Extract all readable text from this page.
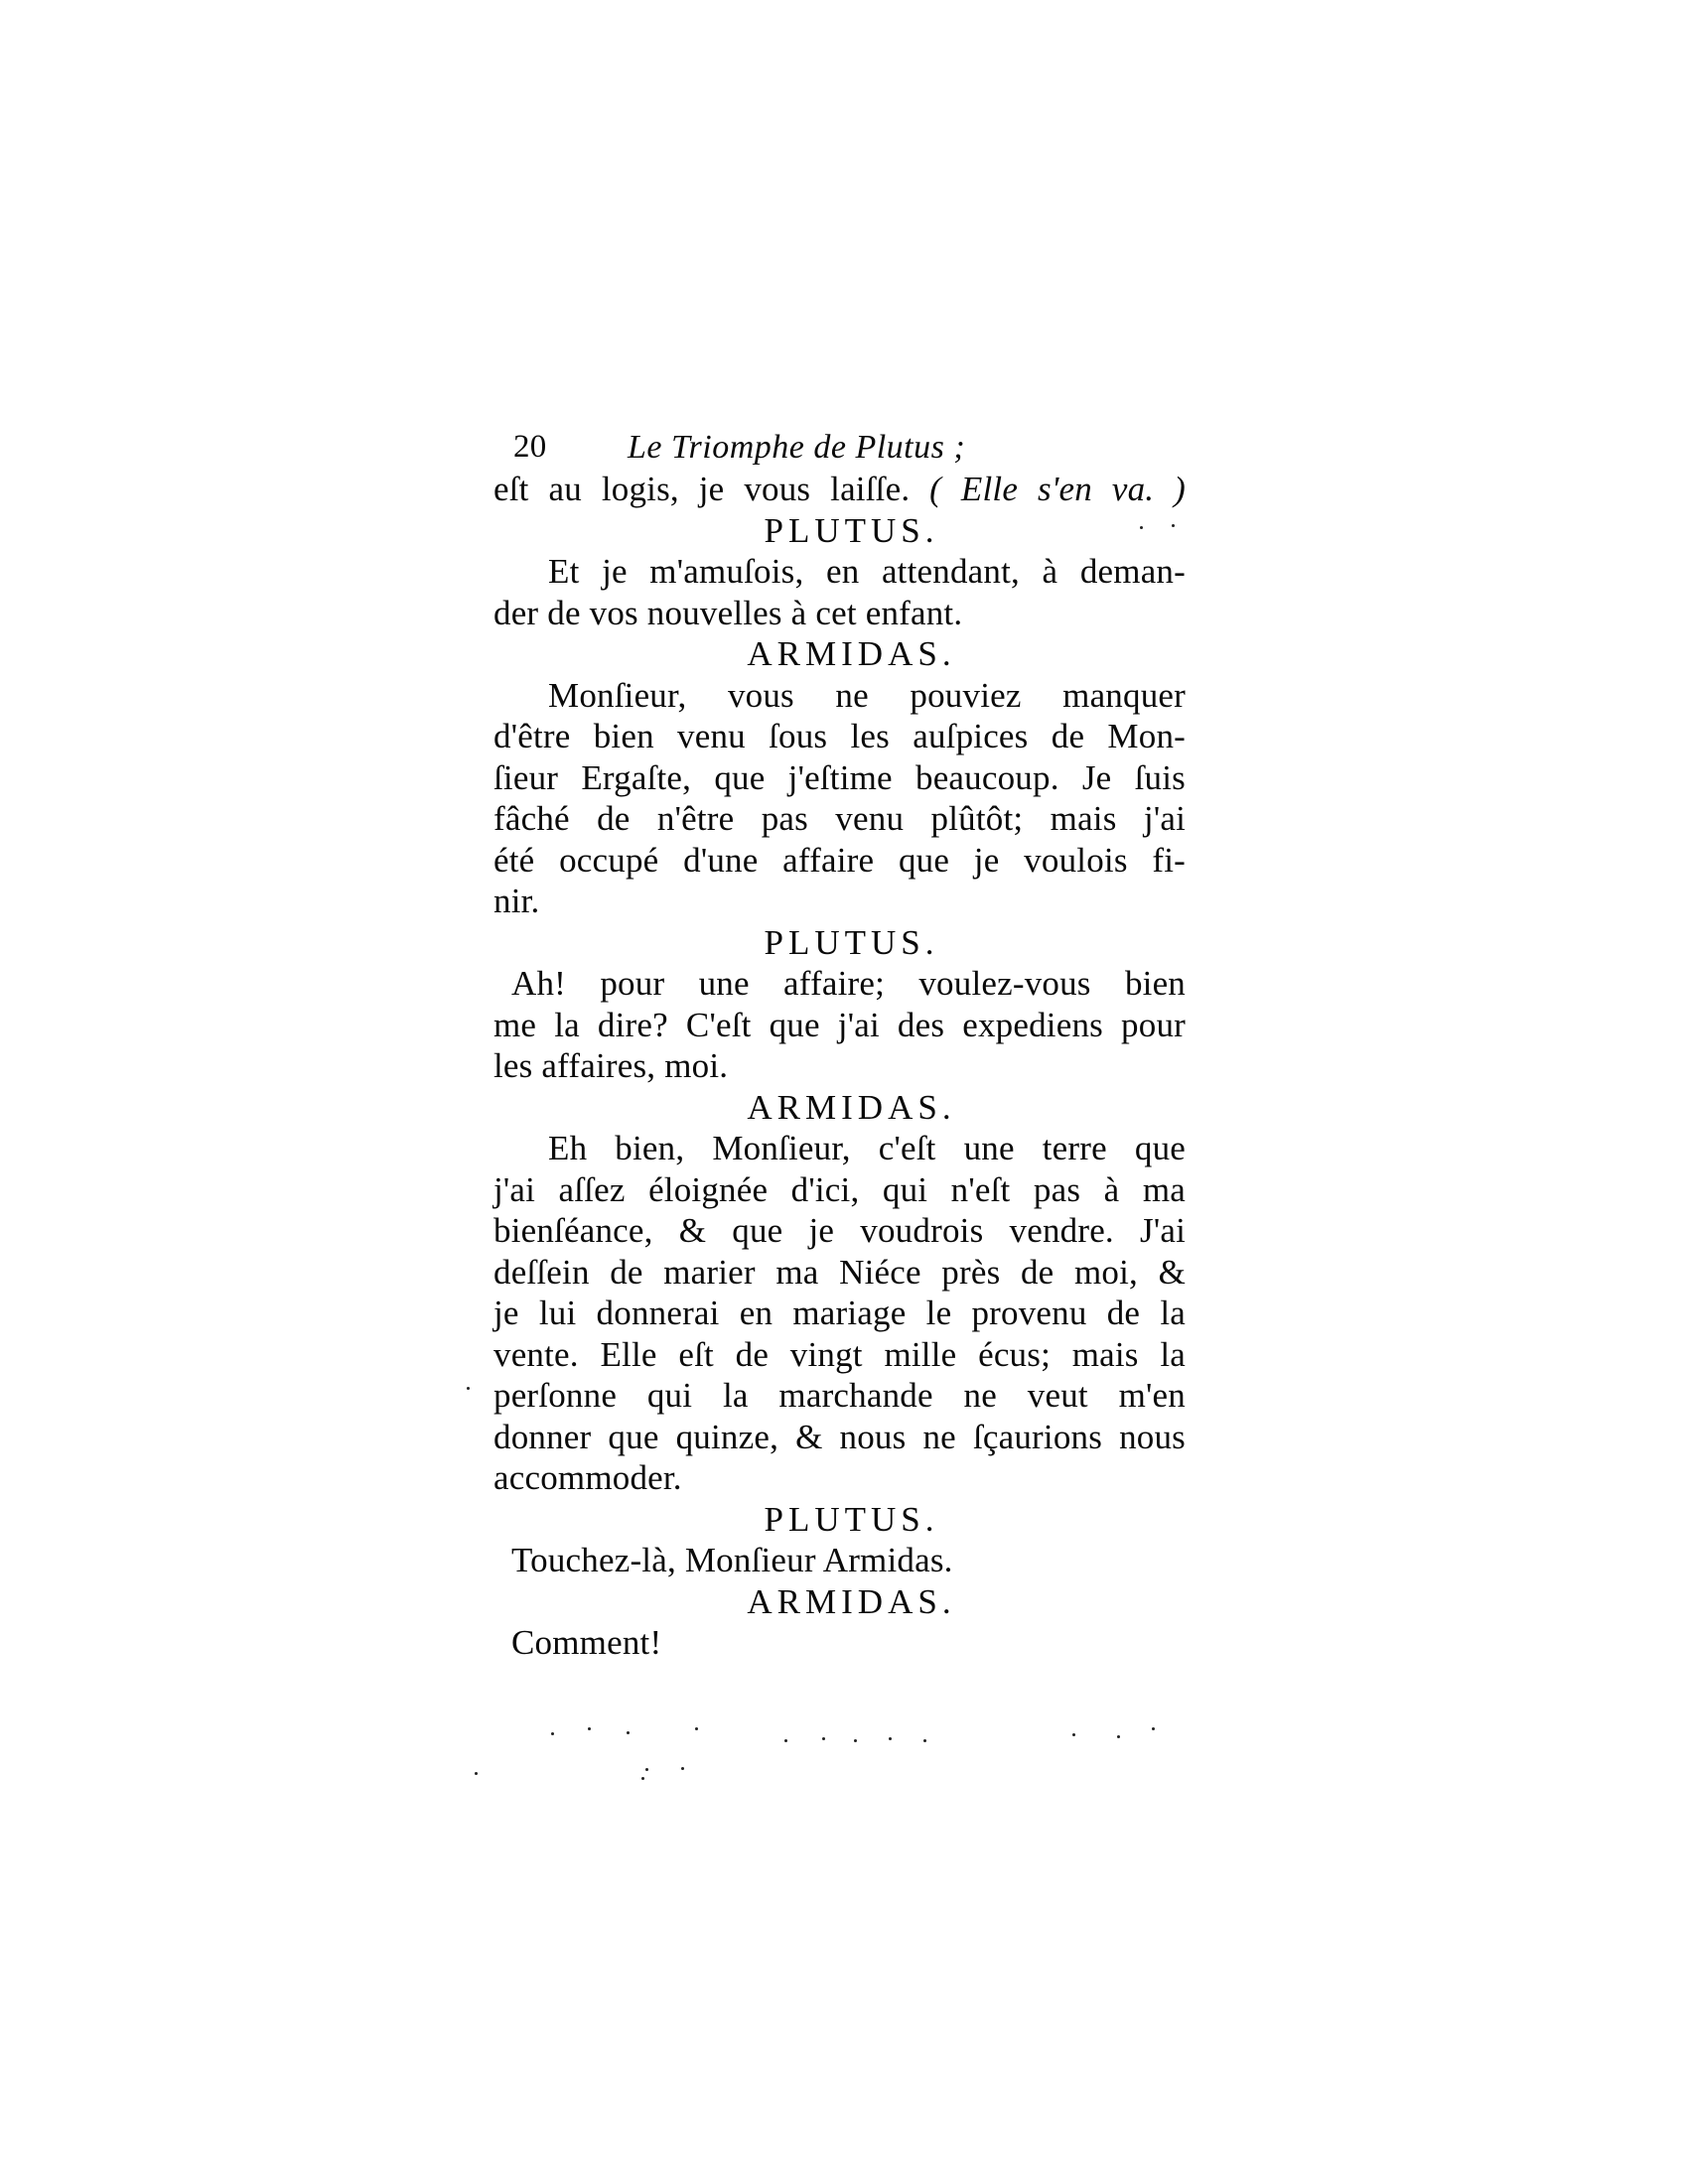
20 Le Triomphe de Plutus ;
eſt au logis, je vous laiſſe. ( Elle s'en va. )
PLUTUS.
Et je m'amuſois, en attendant, à deman-
der de vos nouvelles à cet enfant.
ARMIDAS.
Monſieur, vous ne pouviez manquer
d'être bien venu ſous les auſpices de Mon-
ſieur Ergaſte, que j'eſtime beaucoup. Je ſuis
fâché de n'être pas venu plûtôt; mais j'ai
été occupé d'une affaire que je voulois fi-
nir.
PLUTUS.
Ah! pour une affaire; voulez-vous bien
me la dire? C'eſt que j'ai des expediens pour
les affaires, moi.
ARMIDAS.
Eh bien, Monſieur, c'eſt une terre que
j'ai aſſez éloignée d'ici, qui n'eſt pas à ma
bienſéance, & que je voudrois vendre. J'ai
deſſein de marier ma Niéce près de moi, &
je lui donnerai en mariage le provenu de la
vente. Elle eſt de vingt mille écus; mais la
perſonne qui la marchande ne veut m'en
donner que quinze, & nous ne ſçaurions nous
accommoder.
PLUTUS.
Touchez-là, Monſieur Armidas.
ARMIDAS.
Comment!
